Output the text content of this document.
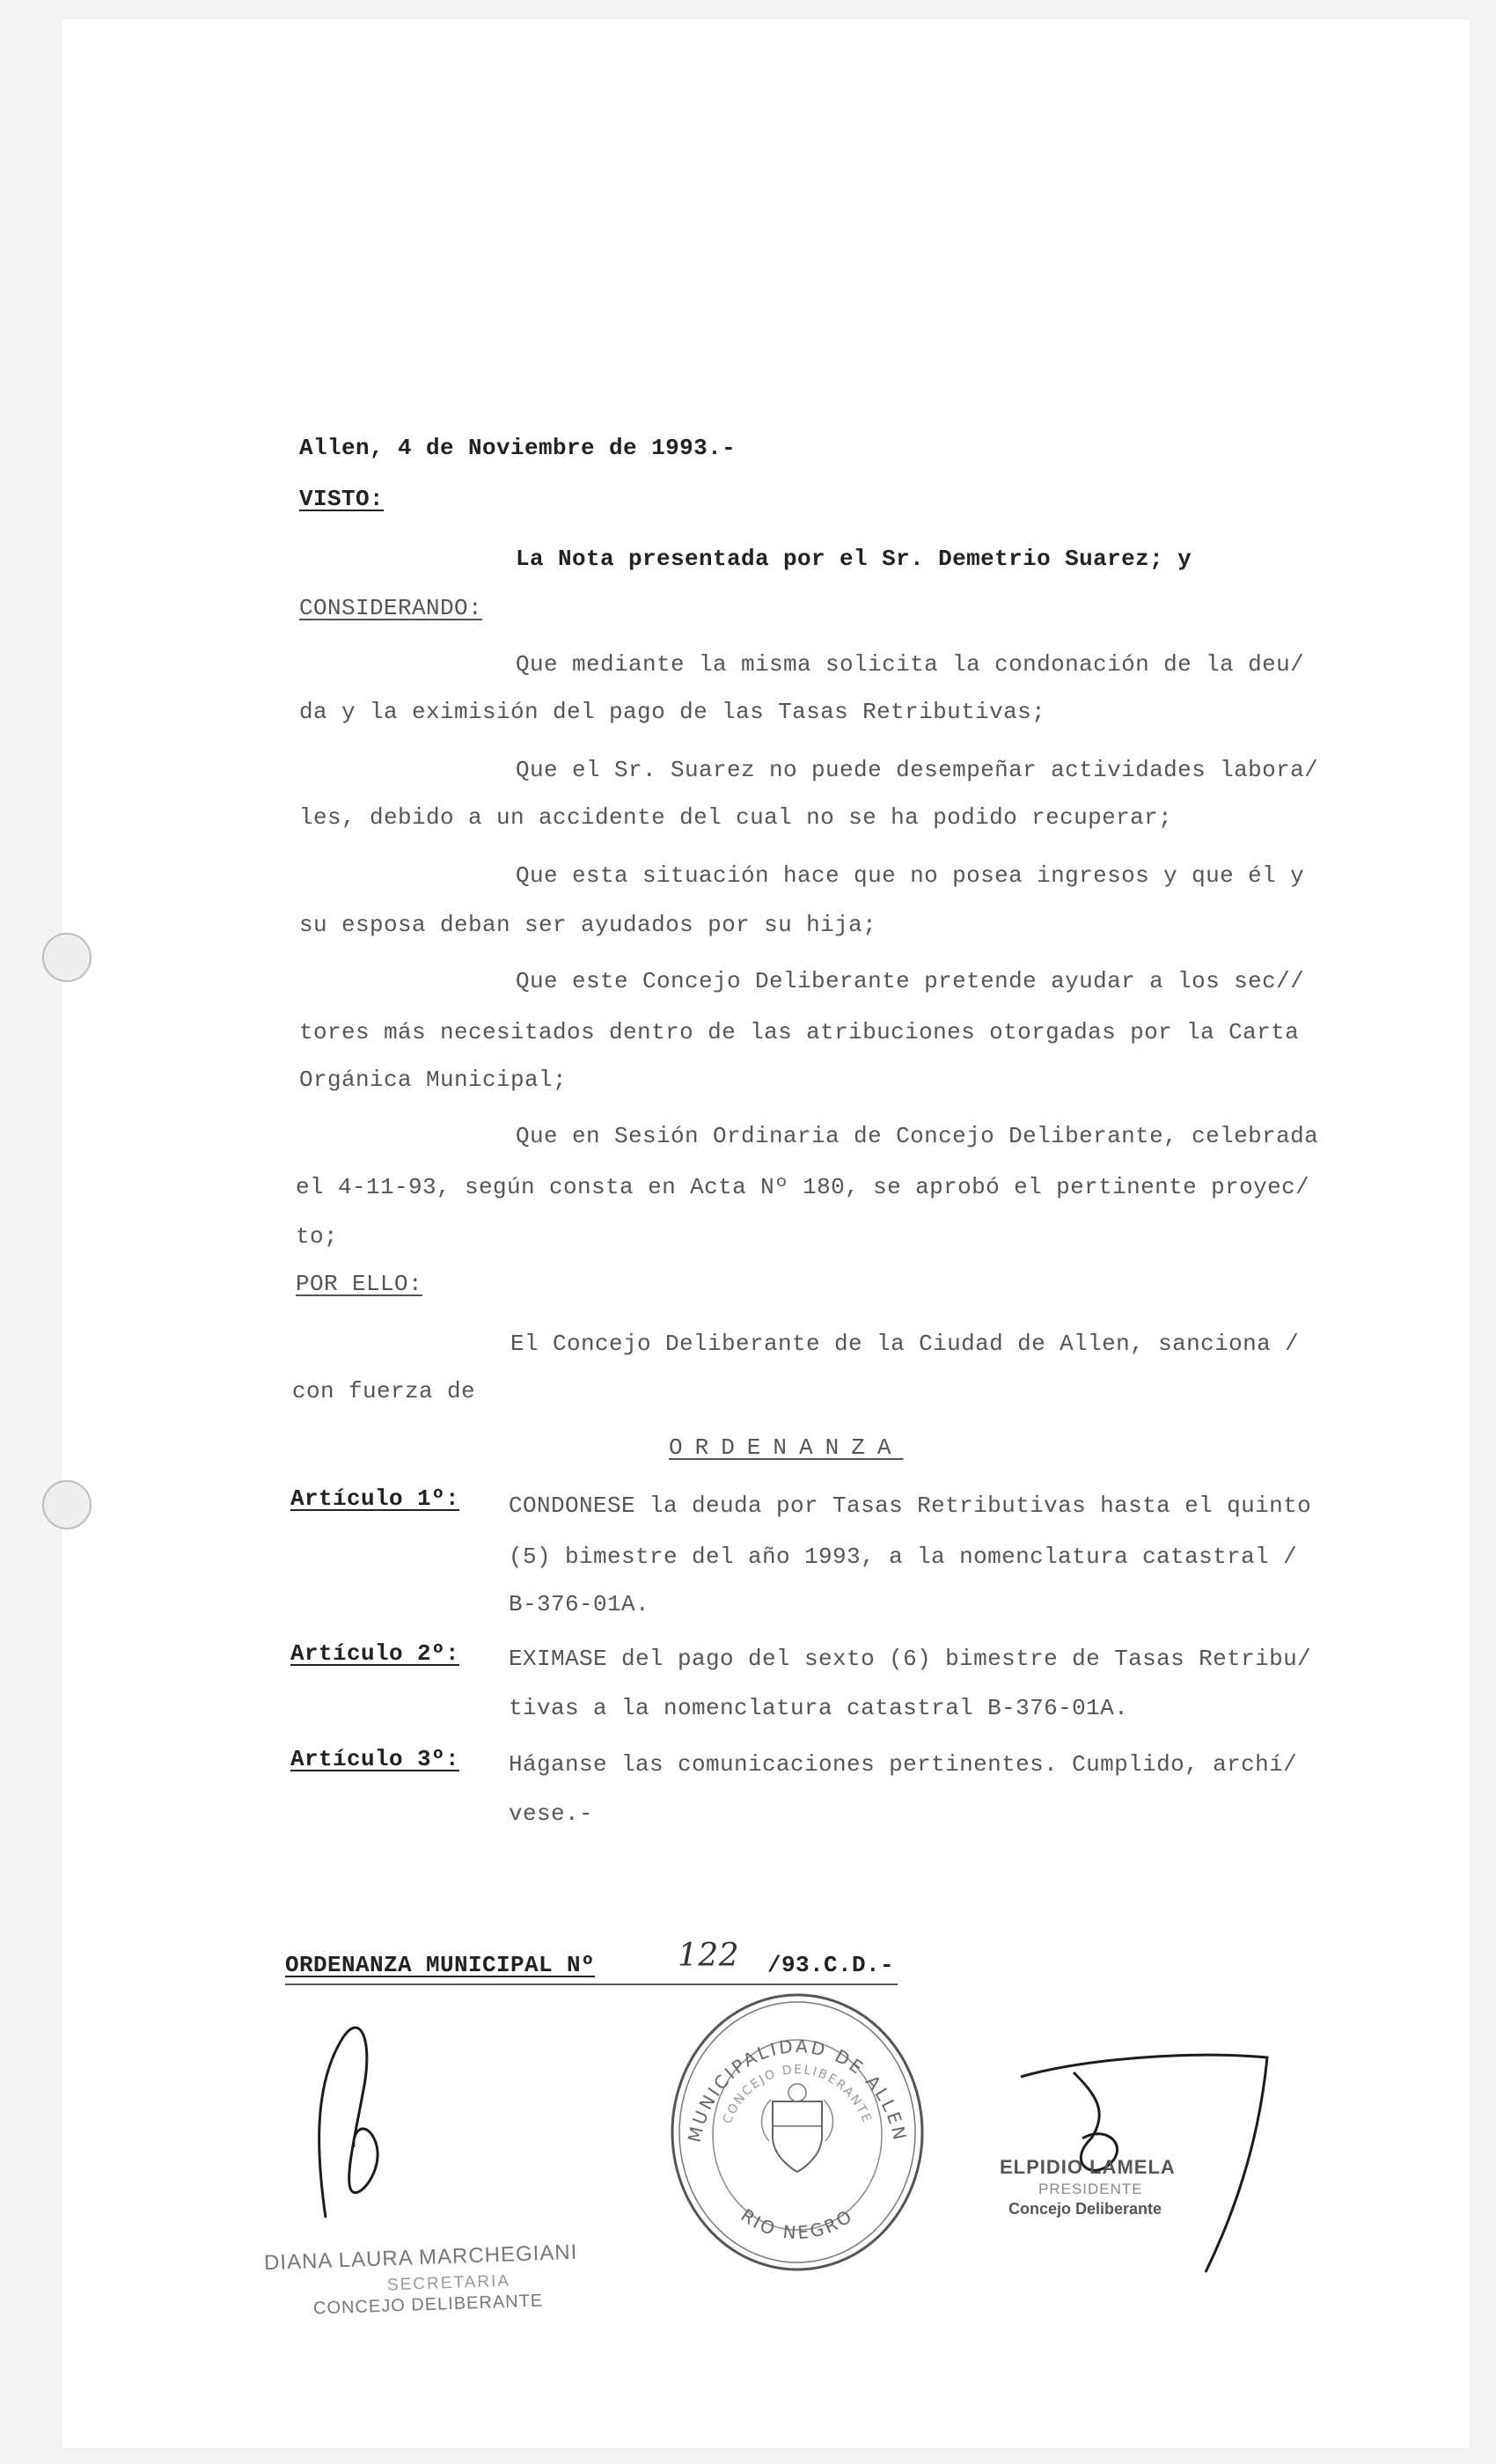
Allen, 4 de Noviembre de 1993.-
VISTO:
La Nota presentada por el Sr. Demetrio Suarez; y
CONSIDERANDO:
Que mediante la misma solicita la condonación de la deu/
da y la eximisión del pago de las Tasas Retributivas;
Que el Sr. Suarez no puede desempeñar actividades labora/
les, debido a un accidente del cual no se ha podido recuperar;
Que esta situación hace que no posea ingresos y que él y
su esposa deban ser ayudados por su hija;
Que este Concejo Deliberante pretende ayudar a los sec//
tores más necesitados dentro de las atribuciones otorgadas por la Carta
Orgánica Municipal;
Que en Sesión Ordinaria de Concejo Deliberante, celebrada
el 4-11-93, según consta en Acta Nº 180, se aprobó el pertinente proyec/
to;
POR ELLO:
El Concejo Deliberante de la Ciudad de Allen, sanciona /
con fuerza de
ORDENANZA
Artículo 1º: CONDONESE la deuda por Tasas Retributivas hasta el quinto
(5) bimestre del año 1993, a la nomenclatura catastral /
B-376-01A.
Artículo 2º: EXIMASE del pago del sexto (6) bimestre de Tasas Retribu/
tivas a la nomenclatura catastral B-376-01A.
Artículo 3º: Háganse las comunicaciones pertinentes. Cumplido, archí/
vese.-
ORDENANZA MUNICIPAL Nº	122 /93.C.D.-
DIANA LAURA MARCHEGIANI
SECRETARIA
CONCEJO DELIBERANTE
MUNICIPALIDAD DE ALLEN
CONCEJO DELIBERANTE
RIO NEGRO
ELPIDIO LAMELA
PRESIDENTE
Concejo Deliberante
